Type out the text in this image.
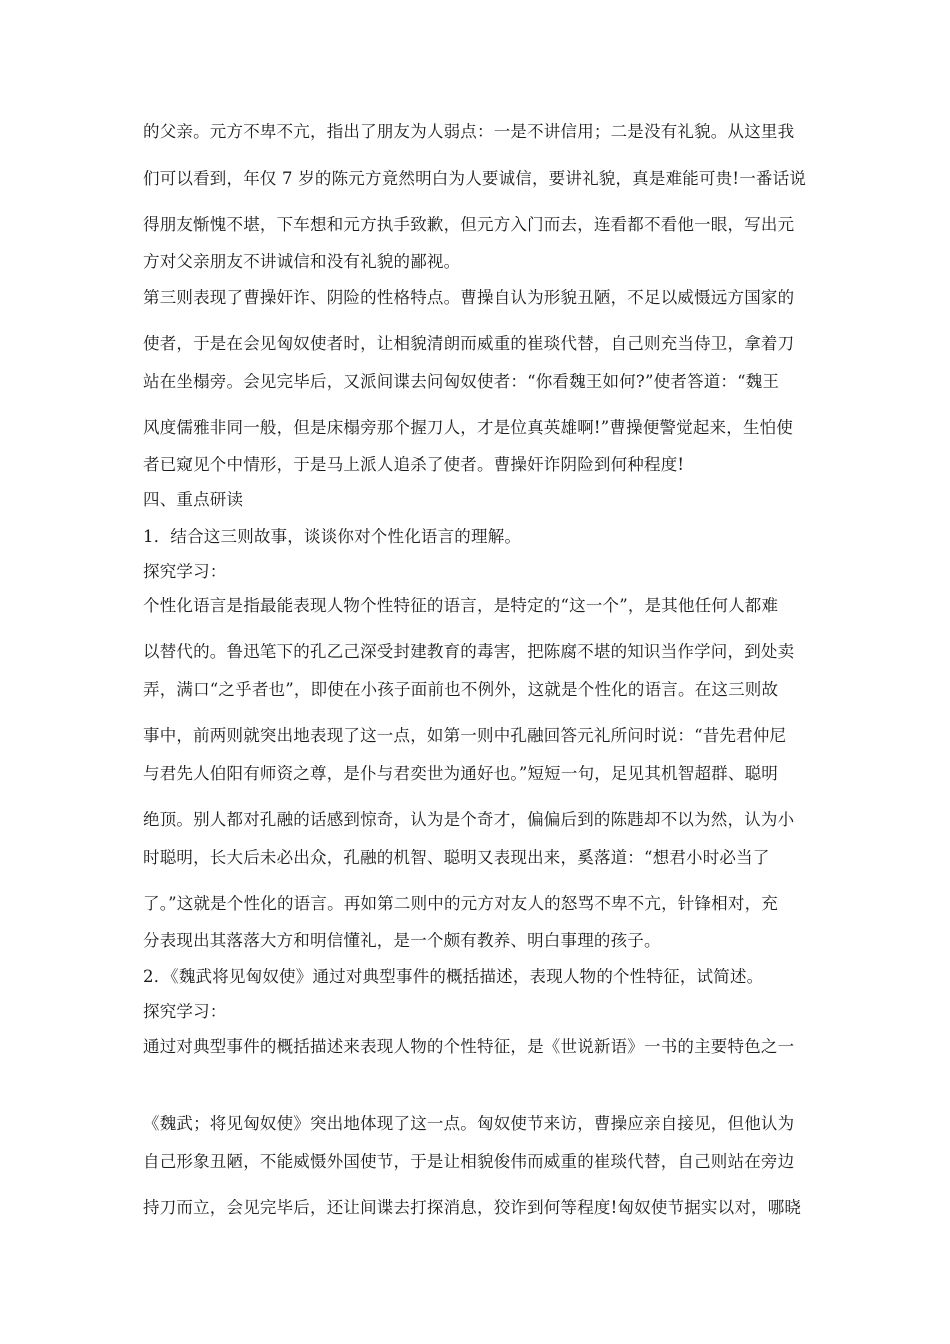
的父亲。元方不卑不亢，指出了朋友为人弱点：一是不讲信用；二是没有礼貌。从这里我
们可以看到，年仅 7 岁的陈元方竟然明白为人要诚信，要讲礼貌，真是难能可贵!一番话说
得朋友惭愧不堪，下车想和元方执手致歉，但元方入门而去，连看都不看他一眼，写出元
方对父亲朋友不讲诚信和没有礼貌的鄙视。
第三则表现了曹操奸诈、阴险的性格特点。曹操自认为形貌丑陋，不足以威慑远方国家的
使者，于是在会见匈奴使者时，让相貌清朗而威重的崔琰代替，自己则充当侍卫，拿着刀
站在坐榻旁。会见完毕后，又派间谍去问匈奴使者：“你看魏王如何?”使者答道：“魏王
风度儒雅非同一般，但是床榻旁那个握刀人，才是位真英雄啊!”曹操便警觉起来，生怕使
者已窥见个中情形，于是马上派人追杀了使者。曹操奸诈阴险到何种程度!
四、重点研读
1．结合这三则故事，谈谈你对个性化语言的理解。
探究学习：
个性化语言是指最能表现人物个性特征的语言，是特定的“这一个”，是其他任何人都难
以替代的。鲁迅笔下的孔乙己深受封建教育的毒害，把陈腐不堪的知识当作学问，到处卖
弄，满口“之乎者也”，即使在小孩子面前也不例外，这就是个性化的语言。在这三则故
事中，前两则就突出地表现了这一点，如第一则中孔融回答元礼所问时说：“昔先君仲尼
与君先人伯阳有师资之尊，是仆与君奕世为通好也。”短短一句，足见其机智超群、聪明
绝顶。别人都对孔融的话感到惊奇，认为是个奇才，偏偏后到的陈韪却不以为然，认为小
时聪明，长大后未必出众，孔融的机智、聪明又表现出来，奚落道：“想君小时必当了
了。”这就是个性化的语言。再如第二则中的元方对友人的怒骂不卑不亢，针锋相对，充
分表现出其落落大方和明信懂礼，是一个颇有教养、明白事理的孩子。
2．《魏武将见匈奴使》通过对典型事件的概括描述，表现人物的个性特征，试简述。
探究学习：
通过对典型事件的概括描述来表现人物的个性特征，是《世说新语》一书的主要特色之一
《魏武；将见匈奴使》突出地体现了这一点。匈奴使节来访，曹操应亲自接见，但他认为
自己形象丑陋，不能威慑外国使节，于是让相貌俊伟而威重的崔琰代替，自己则站在旁边
持刀而立，会见完毕后，还让间谍去打探消息，狡诈到何等程度!匈奴使节据实以对，哪晓
